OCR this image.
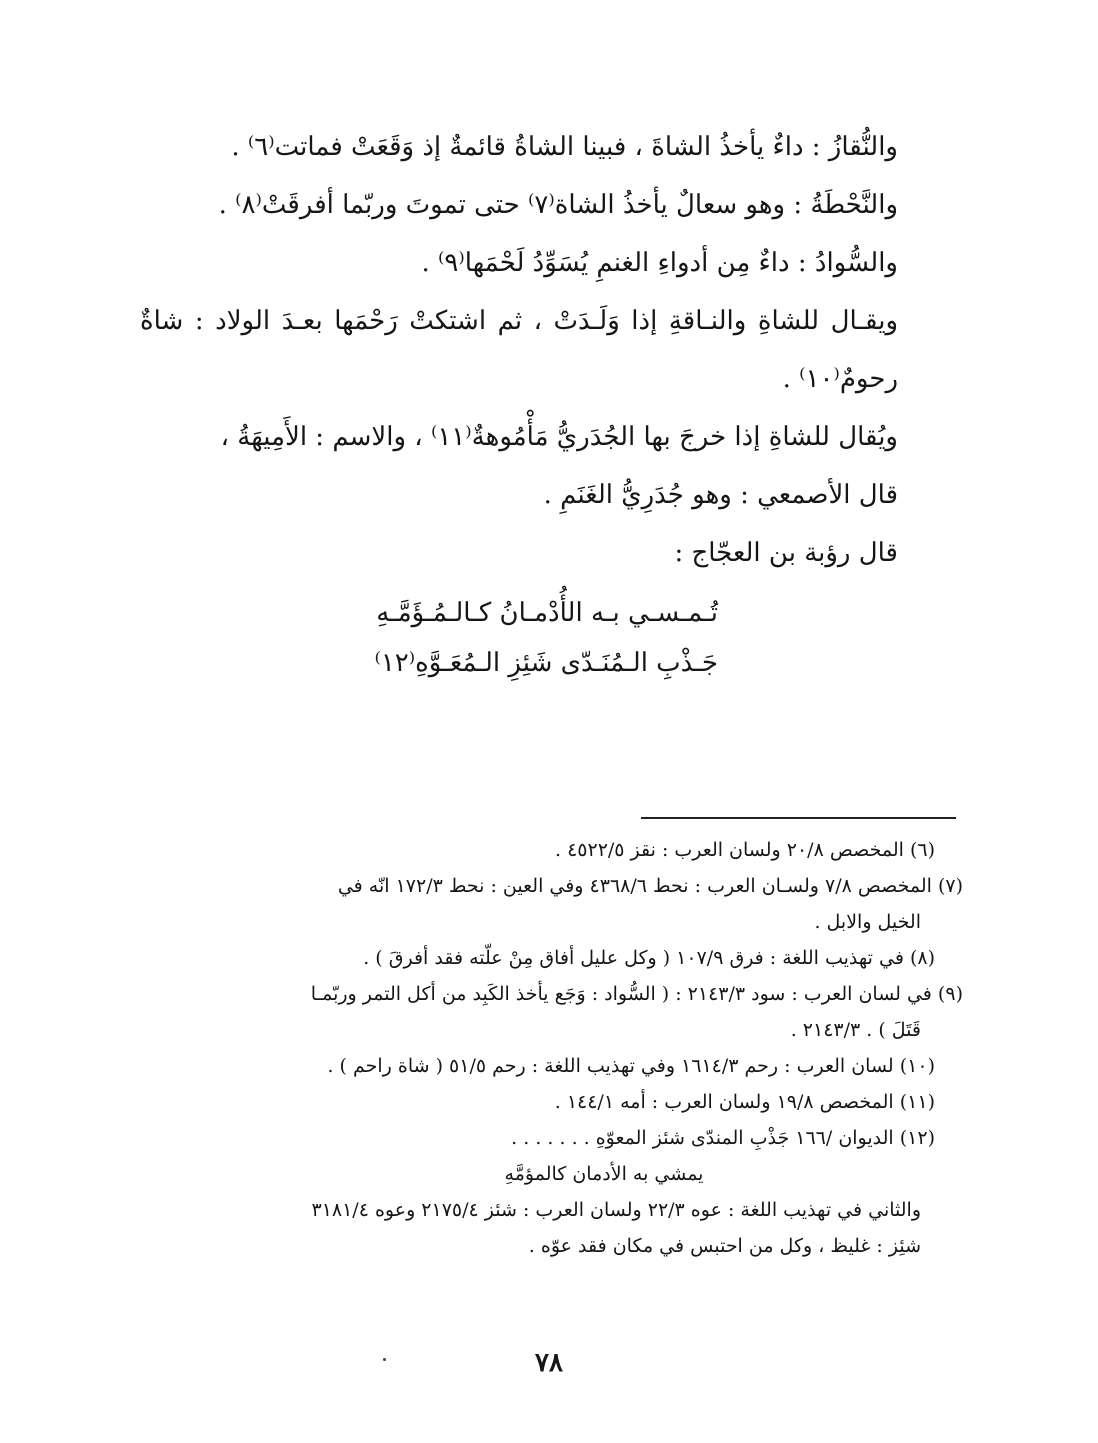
والنُّقازُ : داءٌ يأخذُ الشاةَ ، فبينا الشاةُ قائمةٌ إذ وَقَعَتْ فماتت⁽٦⁾ .

والنَّحْطَةُ : وهو سعالٌ يأخذُ الشاة⁽٧⁾ حتى تموتَ وربّما أفرقَتْ⁽٨⁾ .

والسُّوادُ : داءٌ مِن أدواءِ الغنمِ يُسَوِّدُ لَحْمَها⁽٩⁾ .

ويقـال للشاةِ والنـاقةِ إذا وَلَـدَتْ ، ثم اشتكتْ رَحْمَها بعـدَ الولاد : شاةٌ رحومٌ⁽١٠⁾ .

ويُقال للشاةِ إذا خرجَ بها الجُدَريُّ مَأْمُوهةٌ⁽١١⁾ ، والاسم : الأَمِيهَةُ ،

قال الأصمعي : وهو جُدَرِيُّ الغَنَمِ .

قال رؤبة بن العجّاج :

تُـمـسـي بـه الأُدْمـانُ كـالـمُـؤَمَّـهِ
جَـذْبِ الـمُنَـدّى شَئِزِ الـمُعَـوَّهِ⁽١٢⁾

(٦) المخصص ٢٠/٨ ولسان العرب : نقز ٤٥٢٢/٥ .

(٧) المخصص ٧/٨ ولسـان العرب : نحط ٤٣٦٨/٦ وفي العين : نحط ١٧٢/٣ انّه في

الخيل والابل .

(٨) في تهذيب اللغة : فرق ١٠٧/٩ ( وكل عليل أفاق مِنْ علّته فقد أفرقَ ) .

(٩) في لسان العرب : سود ٢١٤٣/٣ : ( السُّواد : وَجَع يأخذ الكَبِد من أكل التمر وربّمـا

قَتَلَ ) . ٢١٤٣/٣ .

(١٠) لسان العرب : رحم ١٦١٤/٣ وفي تهذيب اللغة : رحم ٥١/٥ ( شاة راحم ) .

(١١) المخصص ١٩/٨ ولسان العرب : أمه ١٤٤/١ .

(١٢) الديوان /١٦٦ جَذْبِ المندّى شئز المعوّهِ . . . . . . .

يمشي به الأدمان كالمؤمَّهِ

والثاني في تهذيب اللغة : عوه ٢٢/٣ ولسان العرب : شئز ٢١٧٥/٤ وعوه ٣١٨١/٤

شئِز : غليظ ، وكل من احتبس في مكان فقد عوّه .

٧٨
